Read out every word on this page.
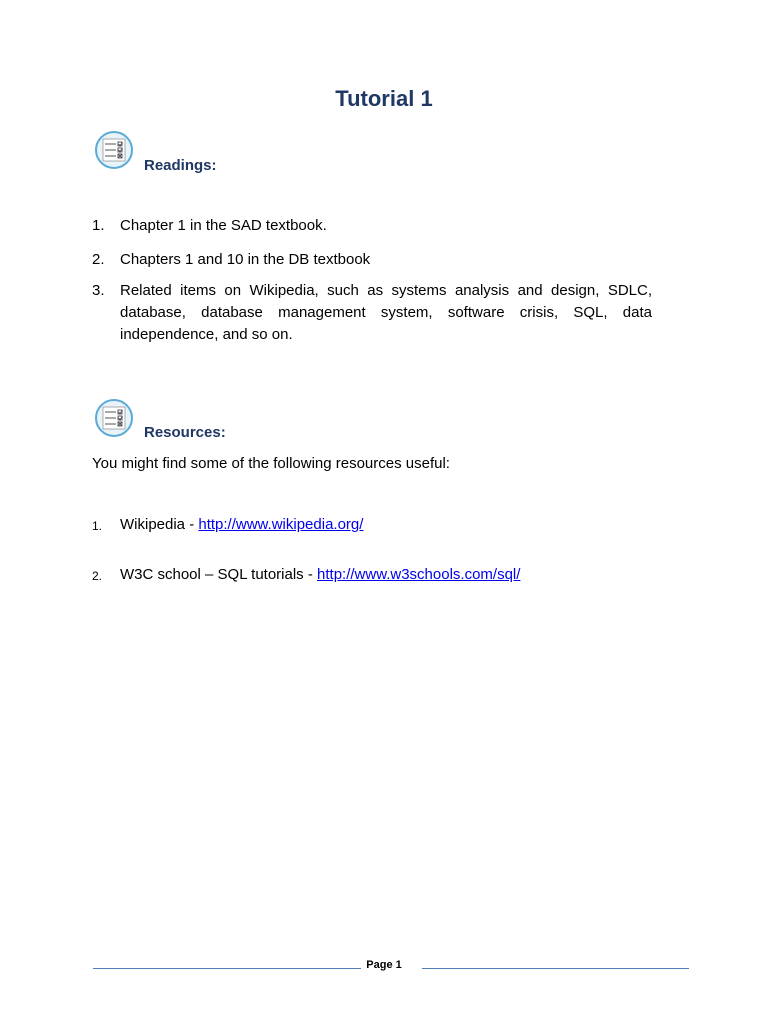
Tutorial 1
Readings:
1. Chapter 1 in the SAD textbook.
2. Chapters 1 and 10 in the DB textbook
3. Related items on Wikipedia, such as systems analysis and design, SDLC, database, database management system, software crisis, SQL, data independence, and so on.
Resources:
You might find some of the following resources useful:
1. Wikipedia - http://www.wikipedia.org/
2. W3C school – SQL tutorials - http://www.w3schools.com/sql/
Page 1
